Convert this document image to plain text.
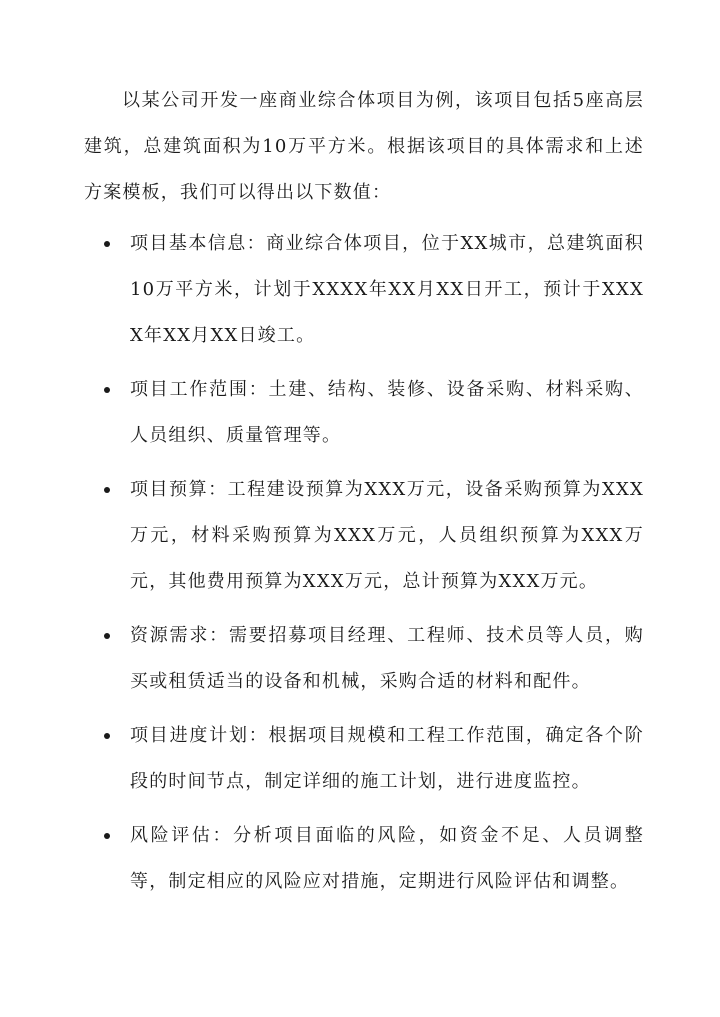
以某公司开发一座商业综合体项目为例，该项目包括5座高层建筑，总建筑面积为10万平方米。根据该项目的具体需求和上述方案模板，我们可以得出以下数值：

项目基本信息：商业综合体项目，位于XX城市，总建筑面积10万平方米，计划于XXXX年XX月XX日开工，预计于XXXX年XX月XX日竣工。
项目工作范围：土建、结构、装修、设备采购、材料采购、人员组织、质量管理等。
项目预算：工程建设预算为XXX万元，设备采购预算为XXX万元，材料采购预算为XXX万元，人员组织预算为XXX万元，其他费用预算为XXX万元，总计预算为XXX万元。
资源需求：需要招募项目经理、工程师、技术员等人员，购买或租赁适当的设备和机械，采购合适的材料和配件。
项目进度计划：根据项目规模和工程工作范围，确定各个阶段的时间节点，制定详细的施工计划，进行进度监控。
风险评估：分析项目面临的风险，如资金不足、人员调整等，制定相应的风险应对措施，定期进行风险评估和调整。
